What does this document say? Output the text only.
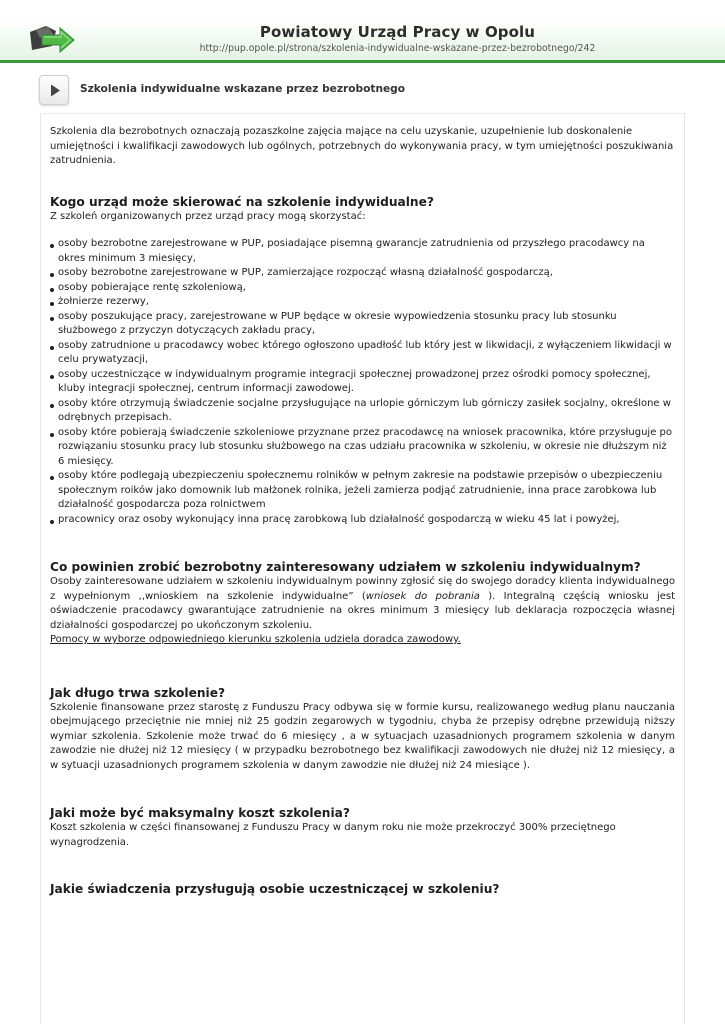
Powiatowy Urząd Pracy w Opolu
http://pup.opole.pl/strona/szkolenia-indywidualne-wskazane-przez-bezrobotnego/242
Szkolenia indywidualne wskazane przez bezrobotnego

Szkolenia dla bezrobotnych oznaczają pozaszkolne zajęcia mające na celu uzyskanie, uzupełnienie lub doskonalenie umiejętności i kwalifikacji zawodowych lub ogólnych, potrzebnych do wykonywania pracy, w tym umiejętności poszukiwania zatrudnienia.

Kogo urząd może skierować na szkolenie indywidualne?

Z szkoleń organizowanych przez urząd pracy mogą skorzystać:

osoby bezrobotne zarejestrowane w PUP, posiadające pisemną gwarancje zatrudnienia od przyszłego pracodawcy na okres minimum 3 miesięcy,
osoby bezrobotne zarejestrowane w PUP, zamierzające rozpocząć własną działalność gospodarczą,
osoby pobierające rentę szkoleniową,
żołnierze rezerwy,
osoby poszukujące pracy, zarejestrowane w PUP będące w okresie wypowiedzenia stosunku pracy lub stosunku służbowego z przyczyn dotyczących zakładu pracy,
osoby zatrudnione u pracodawcy wobec którego ogłoszono upadłość lub który jest w likwidacji, z wyłączeniem likwidacji w celu prywatyzacji,
osoby uczestniczące w indywidualnym programie integracji społecznej prowadzonej przez ośrodki pomocy społecznej, kluby integracji społecznej, centrum informacji zawodowej.
osoby które otrzymują świadczenie socjalne przysługujące na urlopie górniczym lub górniczy zasiłek socjalny, określone w odrębnych przepisach.
osoby które pobierają świadczenie szkoleniowe przyznane przez pracodawcę na wniosek pracownika, które przysługuje po rozwiązaniu stosunku pracy lub stosunku służbowego na czas udziału pracownika w szkoleniu, w okresie nie dłuższym niż 6 miesięcy.
osoby które podlegają ubezpieczeniu społecznemu rolników w pełnym zakresie na podstawie przepisów o ubezpieczeniu społecznym roików jako domownik lub małżonek rolnika, jeżeli zamierza podjąć zatrudnienie, inna prace zarobkowa lub działalność gospodarcza poza rolnictwem
pracownicy oraz osoby wykonujący inna pracę zarobkową lub działalność gospodarczą w wieku 45 lat i powyżej,
Co powinien zrobić bezrobotny zainteresowany udziałem w szkoleniu indywidualnym?

Osoby zainteresowane udziałem w szkoleniu indywidualnym powinny zgłosić się do swojego doradcy klienta indywidualnego z wypełnionym ,,wnioskiem na szkolenie indywidualne” (wniosek do pobrania ). Integralną częścią wniosku jest oświadczenie pracodawcy gwarantujące zatrudnienie na okres minimum 3 miesięcy lub deklaracja rozpoczęcia własnej działalności gospodarczej po ukończonym szkoleniu.

Pomocy w wyborze odpowiedniego kierunku szkolenia udziela doradca zawodowy.

Jak długo trwa szkolenie?

Szkolenie finansowane przez starostę z Funduszu Pracy odbywa się w formie kursu, realizowanego według planu nauczania obejmującego przeciętnie nie mniej niż 25 godzin zegarowych w tygodniu, chyba że przepisy odrębne przewidują niższy wymiar szkolenia. Szkolenie może trwać do 6 miesięcy , a w sytuacjach uzasadnionych programem szkolenia w danym zawodzie nie dłużej niż 12 miesięcy ( w przypadku bezrobotnego bez kwalifikacji zawodowych nie dłużej niż 12 miesięcy, a w sytuacji uzasadnionych programem szkolenia w danym zawodzie nie dłużej niż 24 miesiące ).

Jaki może być maksymalny koszt szkolenia?

Koszt szkolenia w części finansowanej z Funduszu Pracy w danym roku nie może przekroczyć 300% przeciętnego wynagrodzenia.

Jakie świadczenia przysługują osobie uczestniczącej w szkoleniu?
